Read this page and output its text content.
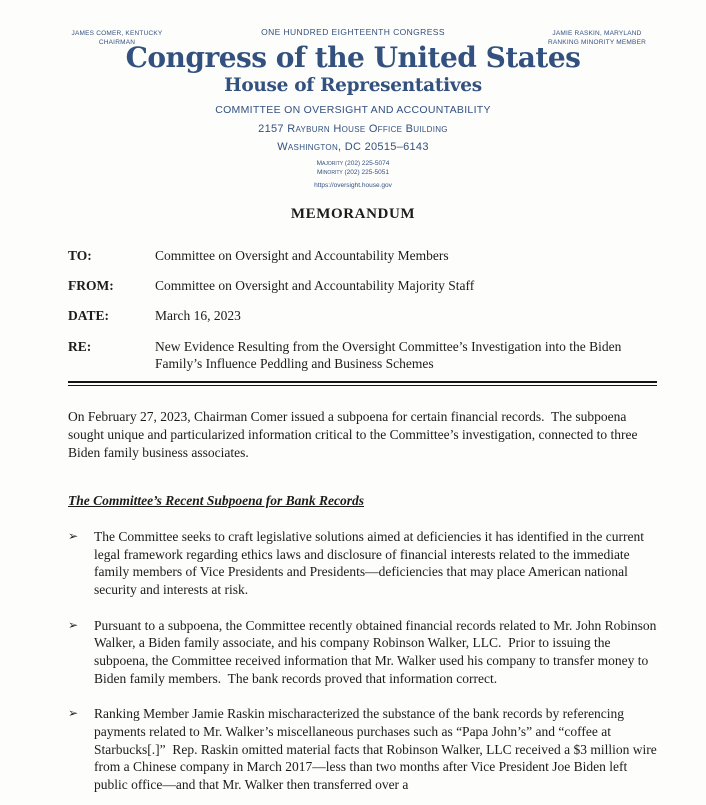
JAMES COMER, KENTUCKY
CHAIRMAN
JAMIE RASKIN, MARYLAND
RANKING MINORITY MEMBER
ONE HUNDRED EIGHTEENTH CONGRESS
Congress of the United States
House of Representatives
COMMITTEE ON OVERSIGHT AND ACCOUNTABILITY
2157 Rayburn House Office Building
Washington, DC 20515–6143
Majority (202) 225-5074
Minority (202) 225-5051
https://oversight.house.gov
MEMORANDUM
TO:	Committee on Oversight and Accountability Members
FROM:	Committee on Oversight and Accountability Majority Staff
DATE:	March 16, 2023
RE:	New Evidence Resulting from the Oversight Committee’s Investigation into the Biden Family’s Influence Peddling and Business Schemes
On February 27, 2023, Chairman Comer issued a subpoena for certain financial records.  The subpoena sought unique and particularized information critical to the Committee’s investigation, connected to three Biden family business associates.
The Committee’s Recent Subpoena for Bank Records
➢	The Committee seeks to craft legislative solutions aimed at deficiencies it has identified in the current legal framework regarding ethics laws and disclosure of financial interests related to the immediate family members of Vice Presidents and Presidents—deficiencies that may place American national security and interests at risk.
➢	Pursuant to a subpoena, the Committee recently obtained financial records related to Mr. John Robinson Walker, a Biden family associate, and his company Robinson Walker, LLC.  Prior to issuing the subpoena, the Committee received information that Mr. Walker used his company to transfer money to Biden family members.  The bank records proved that information correct.
➢	Ranking Member Jamie Raskin mischaracterized the substance of the bank records by referencing payments related to Mr. Walker’s miscellaneous purchases such as “Papa John’s” and “coffee at Starbucks[.]”  Rep. Raskin omitted material facts that Robinson Walker, LLC received a $3 million wire from a Chinese company in March 2017—less than two months after Vice President Joe Biden left public office—and that Mr. Walker then transferred over a
